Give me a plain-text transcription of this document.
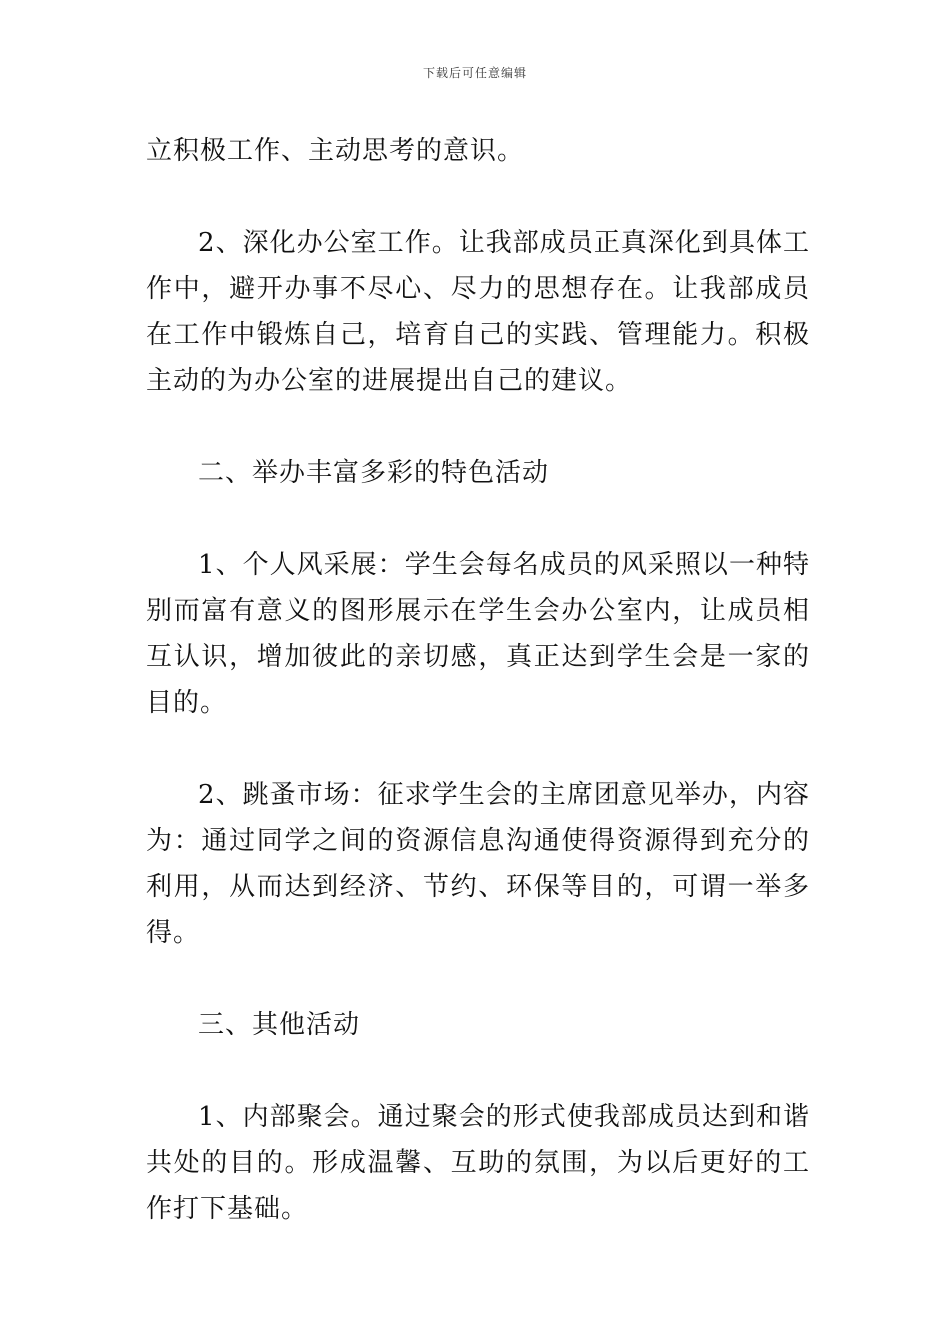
下载后可任意编辑

立积极工作、主动思考的意识。

2、深化办公室工作。让我部成员正真深化到具体工作中，避开办事不尽心、尽力的思想存在。让我部成员在工作中锻炼自己，培育自己的实践、管理能力。积极主动的为办公室的进展提出自己的建议。

二、举办丰富多彩的特色活动

1、个人风采展：学生会每名成员的风采照以一种特别而富有意义的图形展示在学生会办公室内，让成员相互认识，增加彼此的亲切感，真正达到学生会是一家的目的。

2、跳蚤市场：征求学生会的主席团意见举办，内容为：通过同学之间的资源信息沟通使得资源得到充分的利用，从而达到经济、节约、环保等目的，可谓一举多得。

三、其他活动

1、内部聚会。通过聚会的形式使我部成员达到和谐共处的目的。形成温馨、互助的氛围，为以后更好的工作打下基础。
